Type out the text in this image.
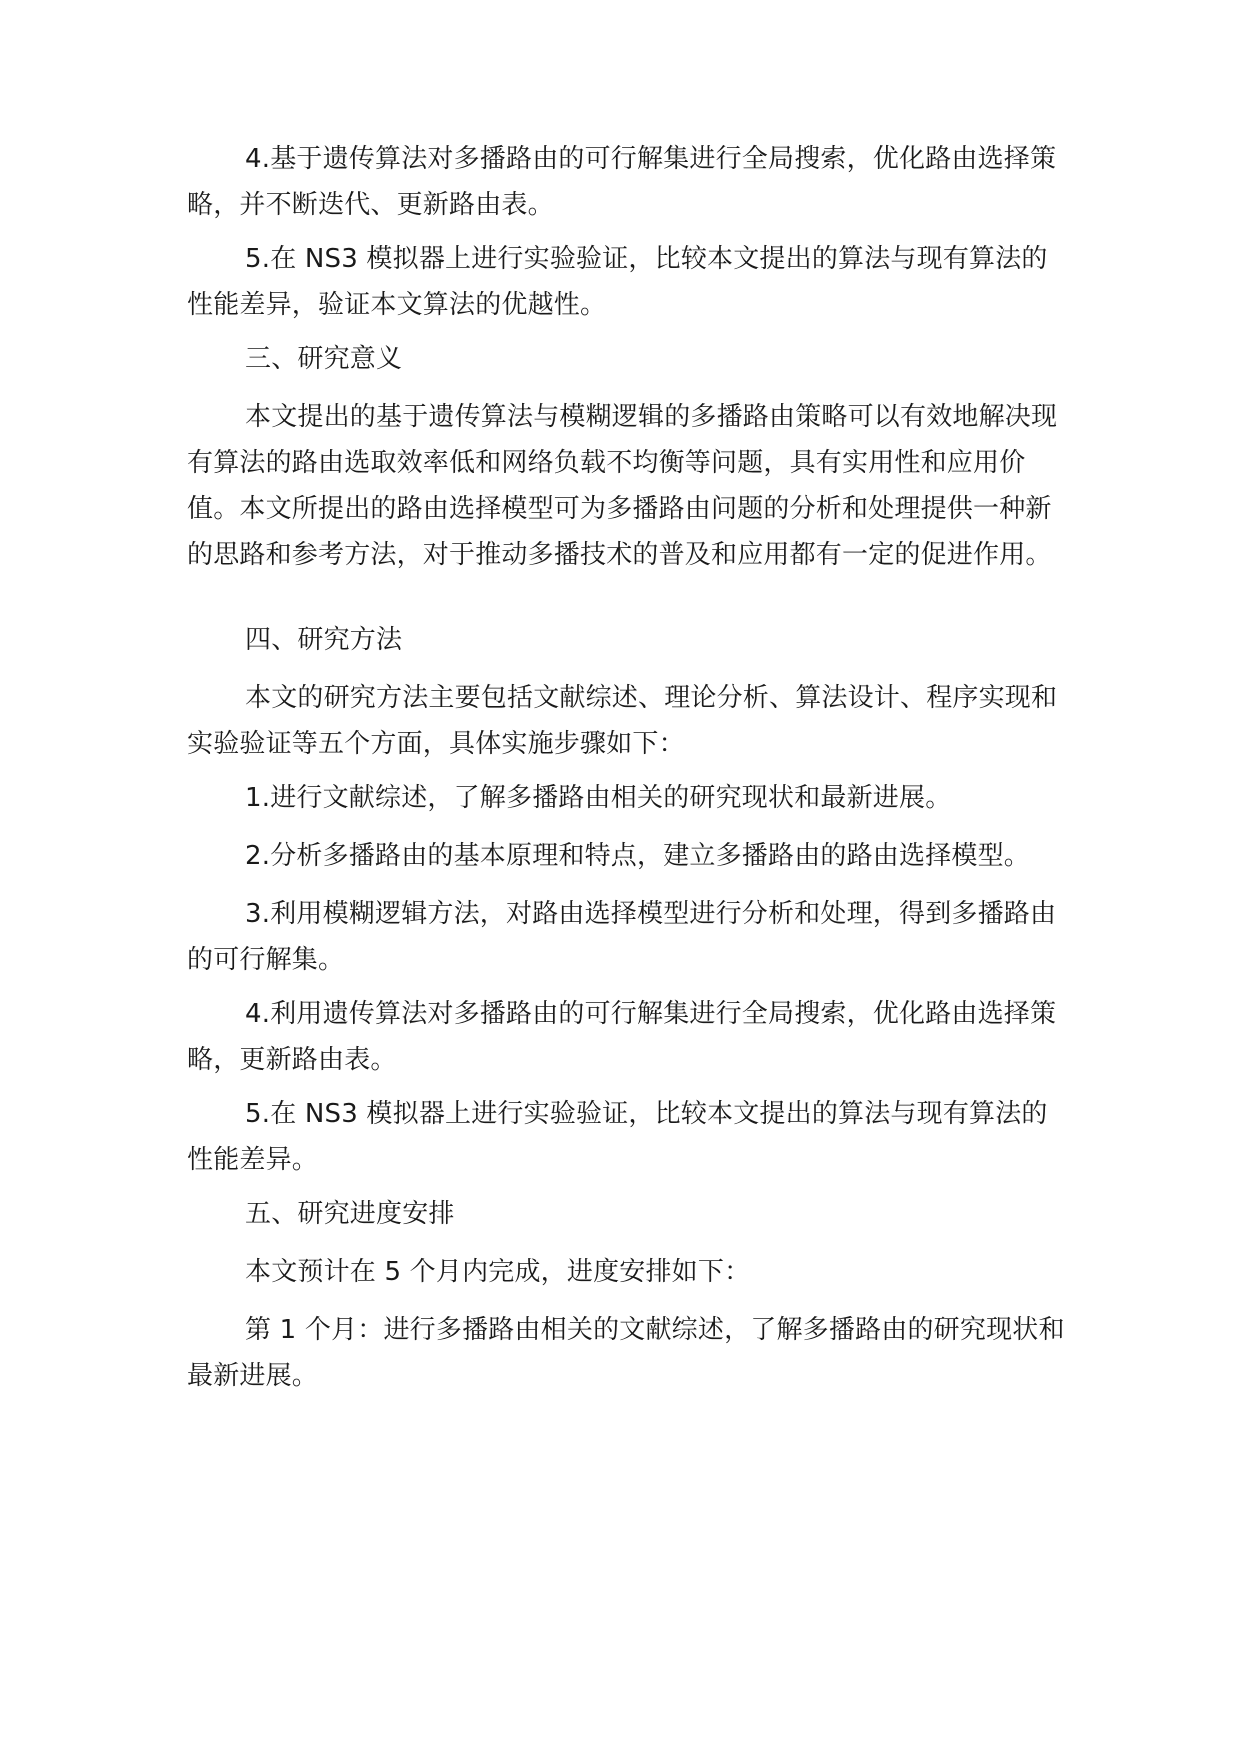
4.基于遗传算法对多播路由的可行解集进行全局搜索，优化路由选择策略，并不断迭代、更新路由表。

5.在 NS3 模拟器上进行实验验证，比较本文提出的算法与现有算法的性能差异，验证本文算法的优越性。

三、研究意义

本文提出的基于遗传算法与模糊逻辑的多播路由策略可以有效地解决现有算法的路由选取效率低和网络负载不均衡等问题，具有实用性和应用价值。本文所提出的路由选择模型可为多播路由问题的分析和处理提供一种新的思路和参考方法，对于推动多播技术的普及和应用都有一定的促进作用。

四、研究方法

本文的研究方法主要包括文献综述、理论分析、算法设计、程序实现和实验验证等五个方面，具体实施步骤如下：

1.进行文献综述，了解多播路由相关的研究现状和最新进展。

2.分析多播路由的基本原理和特点，建立多播路由的路由选择模型。

3.利用模糊逻辑方法，对路由选择模型进行分析和处理，得到多播路由的可行解集。

4.利用遗传算法对多播路由的可行解集进行全局搜索，优化路由选择策略，更新路由表。

5.在 NS3 模拟器上进行实验验证，比较本文提出的算法与现有算法的性能差异。

五、研究进度安排

本文预计在 5 个月内完成，进度安排如下：

第 1 个月：进行多播路由相关的文献综述，了解多播路由的研究现状和最新进展。
